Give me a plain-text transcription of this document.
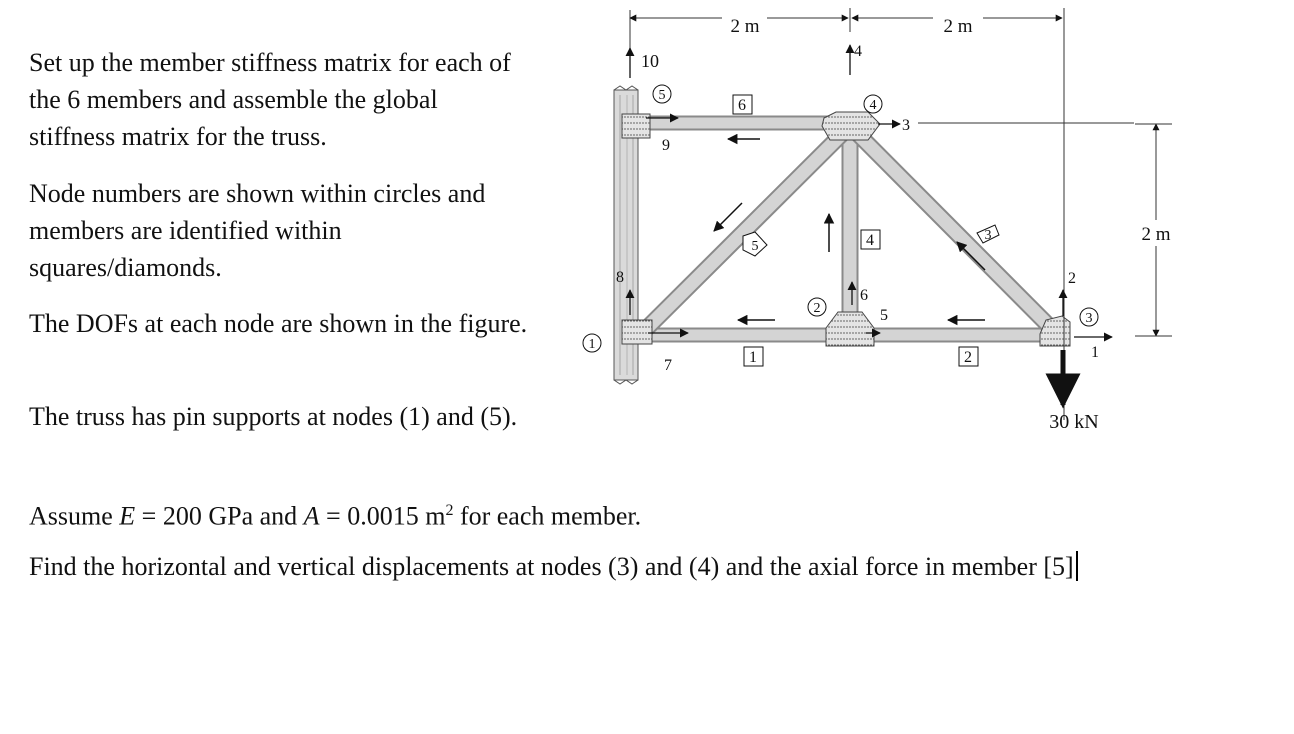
Set up the member stiffness matrix for each of the 6 members and assemble the global stiffness matrix for the truss.

Node numbers are shown within circles and members are identified within squares/diamonds.

The DOFs at each node are shown in the figure.

The truss has pin supports at nodes (1) and (5).

Assume E = 200 GPa and A = 0.0015 $m^2$ for each member.

Find the horizontal and vertical displacements at nodes (3) and (4) and the axial force in member [5]

2 m	2 m
2 m
30 kN
1
2
3
4
5
1	2
6
4
5
3
1
2
3
4
5
6
7
8
9
10
